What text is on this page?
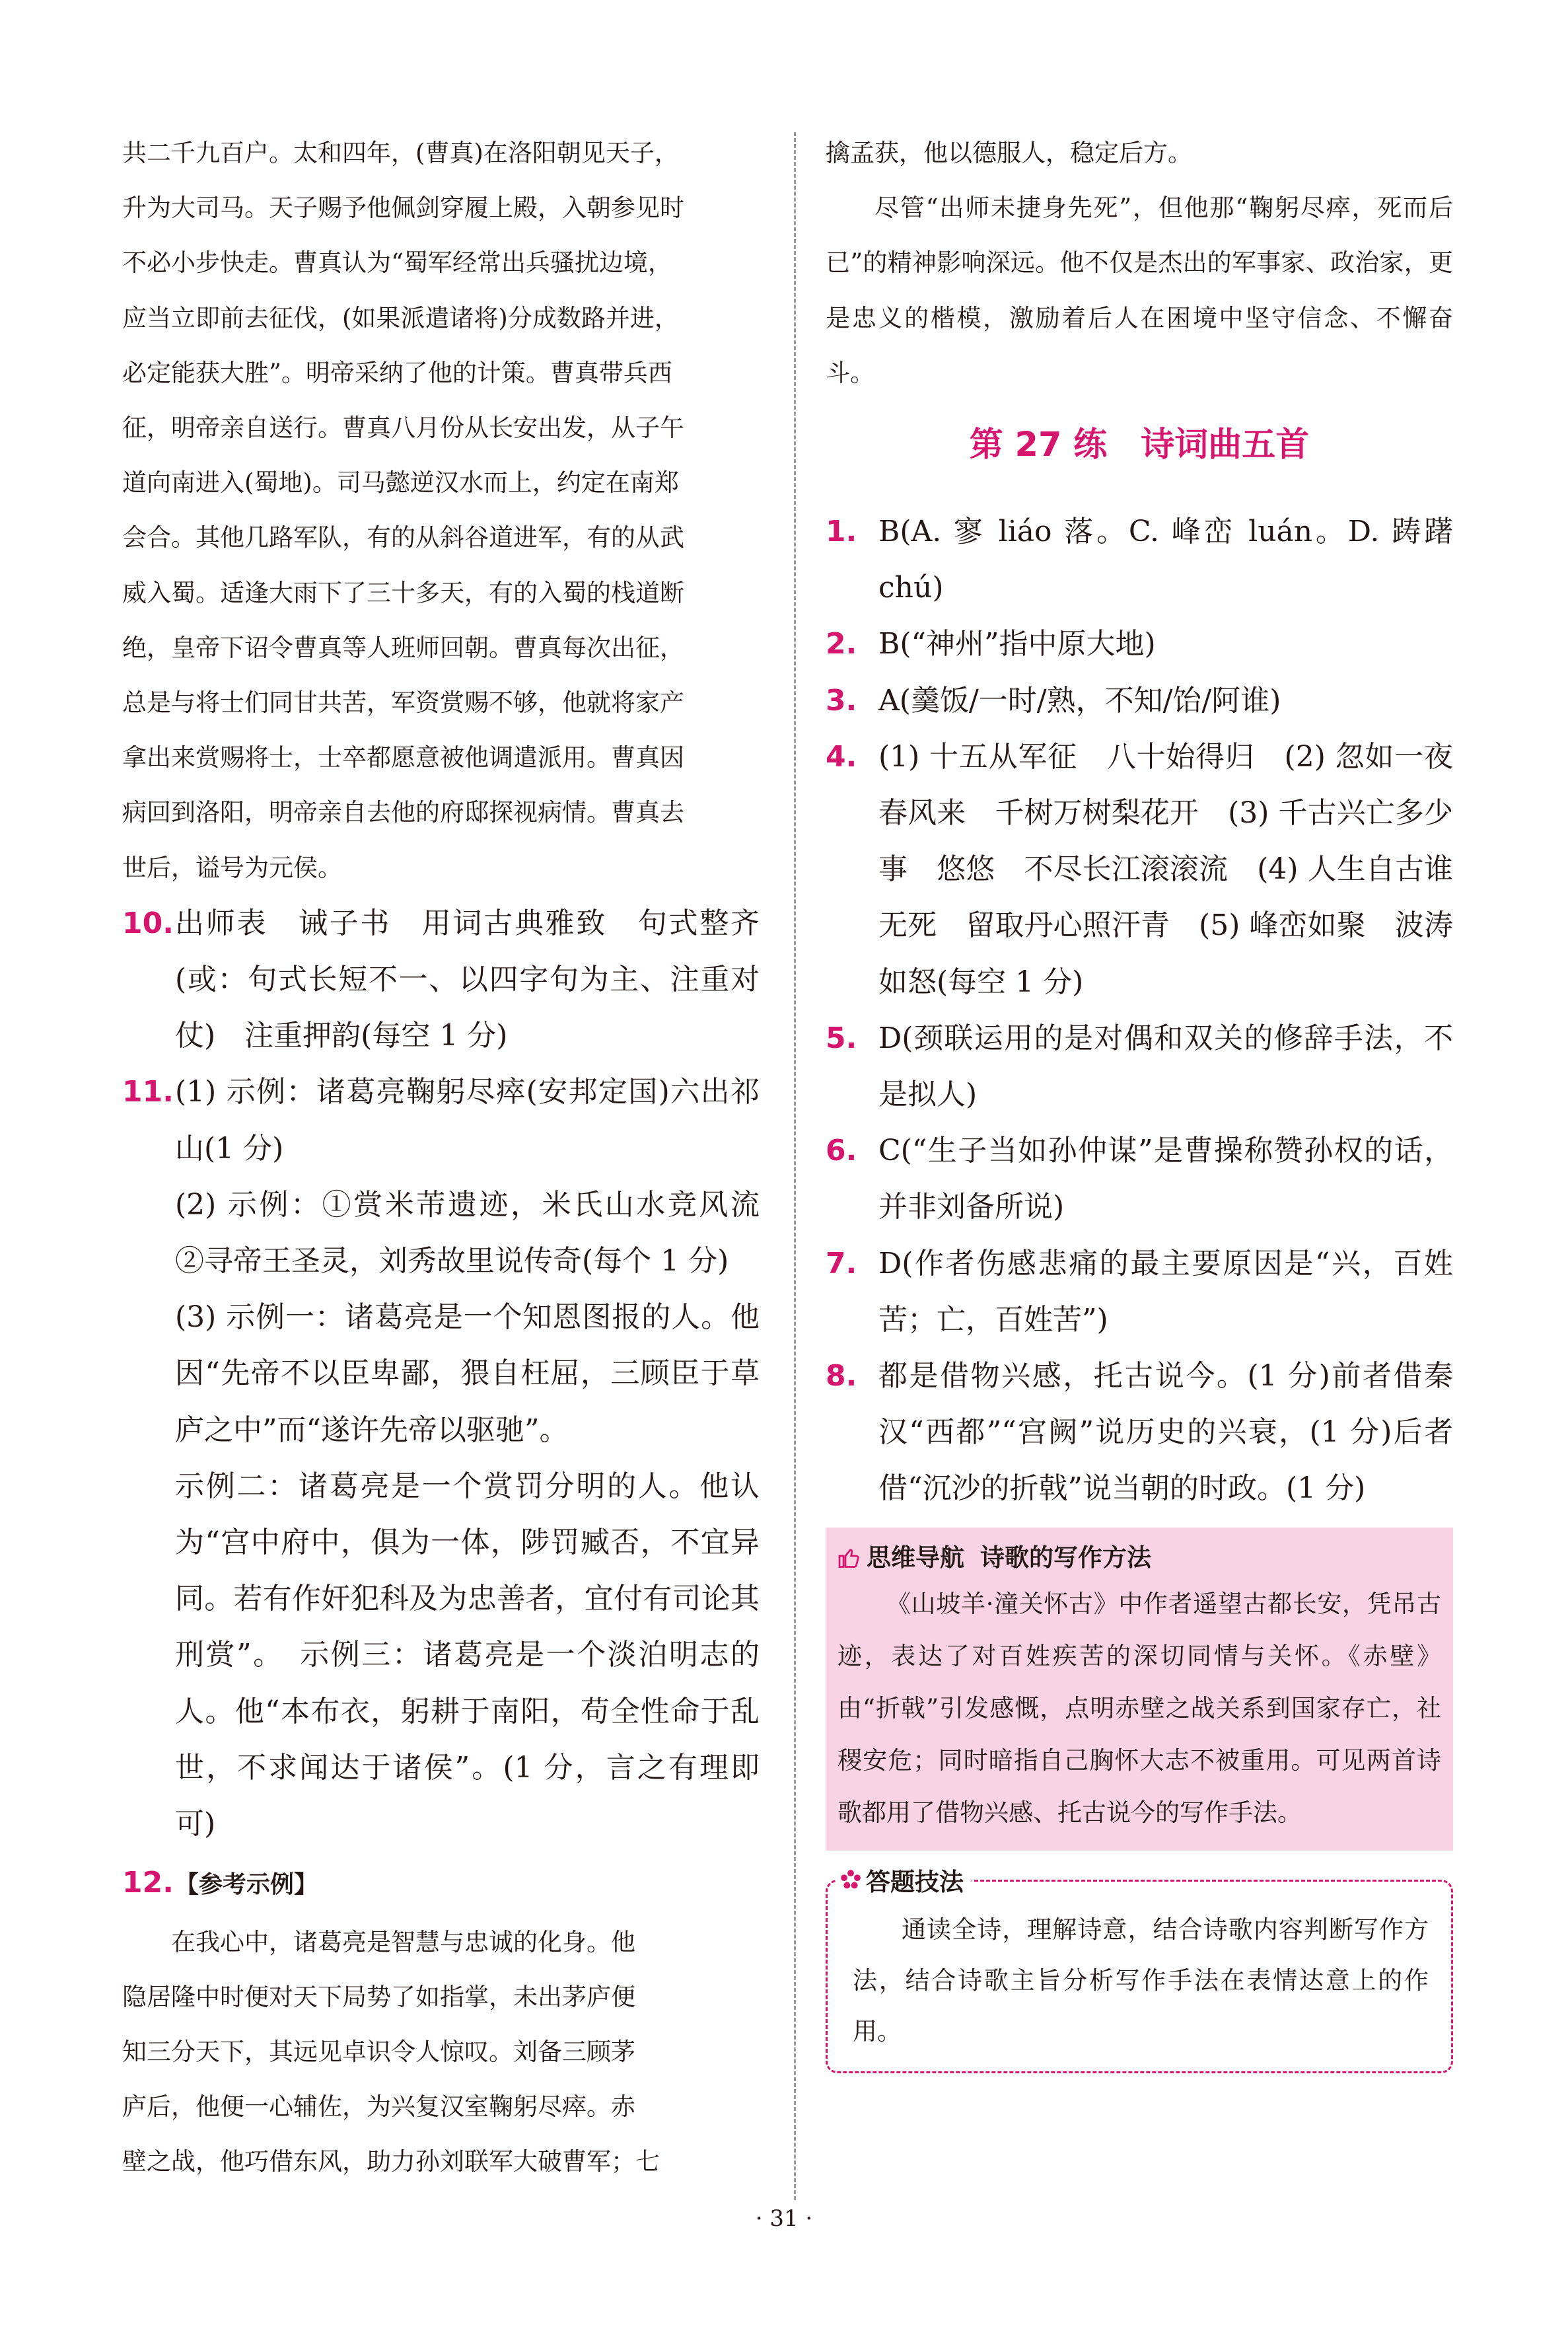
共二千九百户。太和四年，(曹真)在洛阳朝见天子，
升为大司马。天子赐予他佩剑穿履上殿，入朝参见时
不必小步快走。曹真认为“蜀军经常出兵骚扰边境，
应当立即前去征伐，(如果派遣诸将)分成数路并进，
必定能获大胜”。明帝采纳了他的计策。曹真带兵西
征，明帝亲自送行。曹真八月份从长安出发，从子午
道向南进入(蜀地)。司马懿逆汉水而上，约定在南郑
会合。其他几路军队，有的从斜谷道进军，有的从武
威入蜀。适逢大雨下了三十多天，有的入蜀的栈道断
绝，皇帝下诏令曹真等人班师回朝。曹真每次出征，
总是与将士们同甘共苦，军资赏赐不够，他就将家产
拿出来赏赐将士，士卒都愿意被他调遣派用。曹真因
病回到洛阳，明帝亲自去他的府邸探视病情。曹真去
世后，谥号为元侯。
10. 出师表　诫子书　用词古典雅致　句式整齐(或：句式长短不一、以四字句为主、注重对仗)　注重押韵(每空 1 分)
11. (1) 示例：诸葛亮鞠躬尽瘁(安邦定国)六出祁山(1 分)
(2) 示例：①赏米芾遗迹，米氏山水竞风流　②寻帝王圣灵，刘秀故里说传奇(每个 1 分)
(3) 示例一：诸葛亮是一个知恩图报的人。他因“先帝不以臣卑鄙，猥自枉屈，三顾臣于草庐之中”而“遂许先帝以驱驰”。
示例二：诸葛亮是一个赏罚分明的人。他认为“宫中府中，俱为一体，陟罚臧否，不宜异同。若有作奸犯科及为忠善者，宜付有司论其刑赏”。　示例三：诸葛亮是一个淡泊明志的人。他“本布衣，躬耕于南阳，苟全性命于乱世，不求闻达于诸侯”。(1 分，言之有理即可)
12. 【参考示例】
在我心中，诸葛亮是智慧与忠诚的化身。他
隐居隆中时便对天下局势了如指掌，未出茅庐便
知三分天下，其远见卓识令人惊叹。刘备三顾茅
庐后，他便一心辅佐，为兴复汉室鞠躬尽瘁。赤
壁之战，他巧借东风，助力孙刘联军大破曹军；七
擒孟获，他以德服人，稳定后方。
尽管“出师未捷身先死”，但他那“鞠躬尽瘁，死而后已”的精神影响深远。他不仅是杰出的军事家、政治家，更是忠义的楷模，激励着后人在困境中坚守信念、不懈奋斗。
第 27 练　诗词曲五首
1. B(A. 寥 liáo 落。C. 峰峦 luán。D. 踌躇 chú)
2. B(“神州”指中原大地)
3. A(羹饭/一时/熟，不知/饴/阿谁)
4. (1) 十五从军征　八十始得归　(2) 忽如一夜春风来　千树万树梨花开　(3) 千古兴亡多少事　悠悠　不尽长江滚滚流　(4) 人生自古谁无死　留取丹心照汗青　(5) 峰峦如聚　波涛如怒(每空 1 分)
5. D(颈联运用的是对偶和双关的修辞手法，不是拟人)
6. C(“生子当如孙仲谋”是曹操称赞孙权的话，并非刘备所说)
7. D(作者伤感悲痛的最主要原因是“兴，百姓苦；亡，百姓苦”)
8. 都是借物兴感，托古说今。(1 分)前者借秦汉“西都”“宫阙”说历史的兴衰，(1 分)后者借“沉沙的折戟”说当朝的时政。(1 分)
思维导航 诗歌的写作方法
《山坡羊·潼关怀古》中作者遥望古都长安，凭吊古迹，表达了对百姓疾苦的深切同情与关怀。《赤壁》由“折戟”引发感慨，点明赤壁之战关系到国家存亡，社稷安危；同时暗指自己胸怀大志不被重用。可见两首诗歌都用了借物兴感、托古说今的写作手法。
答题技法
通读全诗，理解诗意，结合诗歌内容判断写作方法，结合诗歌主旨分析写作手法在表情达意上的作用。
· 31 ·
